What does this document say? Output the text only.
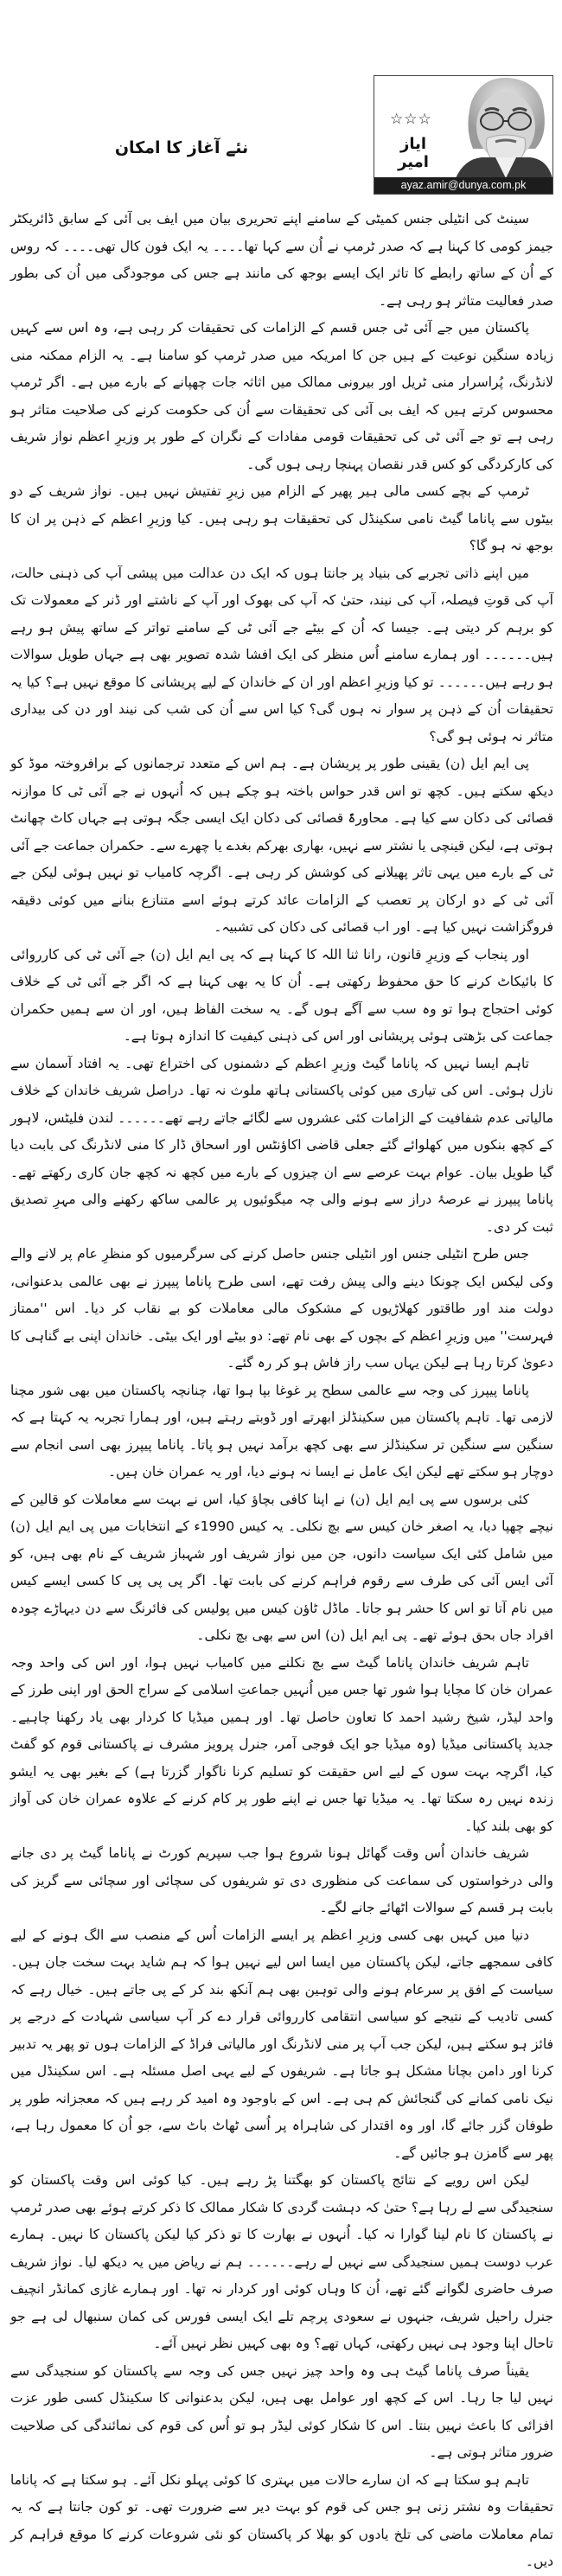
نئے آغاز کا امکان
☆☆☆
ایاز امیر
ayaz.amir@dunya.com.pk

سینٹ کی انٹیلی جنس کمیٹی کے سامنے اپنے تحریری بیان میں ایف بی آئی کے سابق ڈائریکٹر جیمز کومی کا کہنا ہے کہ صدر ٹرمپ نے اُن سے کہا تھا۔۔۔۔ یہ ایک فون کال تھی۔۔۔۔ کہ روس کے اُن کے ساتھ رابطے کا تاثر ایک ایسے بوجھ کی مانند ہے جس کی موجودگی میں اُن کی بطور صدر فعالیت متاثر ہو رہی ہے۔

پاکستان میں جے آئی ٹی جس قسم کے الزامات کی تحقیقات کر رہی ہے، وہ اس سے کہیں زیادہ سنگین نوعیت کے ہیں جن کا امریکہ میں صدر ٹرمپ کو سامنا ہے۔ یہ الزام ممکنہ منی لانڈرنگ، پُراسرار منی ٹریل اور بیرونی ممالک میں اثاثہ جات چھپانے کے بارے میں ہے۔ اگر ٹرمپ محسوس کرتے ہیں کہ ایف بی آئی کی تحقیقات سے اُن کی حکومت کرنے کی صلاحیت متاثر ہو رہی ہے تو جے آئی ٹی کی تحقیقات قومی مفادات کے نگران کے طور پر وزیرِ اعظم نواز شریف کی کارکردگی کو کس قدر نقصان پہنچا رہی ہوں گی۔

ٹرمپ کے بچے کسی مالی ہیر پھیر کے الزام میں زیرِ تفتیش نہیں ہیں۔ نواز شریف کے دو بیٹوں سے پاناما گیٹ نامی سکینڈل کی تحقیقات ہو رہی ہیں۔ کیا وزیرِ اعظم کے ذہن پر ان کا بوجھ نہ ہو گا؟

میں اپنے ذاتی تجربے کی بنیاد پر جانتا ہوں کہ ایک دن عدالت میں پیشی آپ کی ذہنی حالت، آپ کی قوتِ فیصلہ، آپ کی نیند، حتیٰ کہ آپ کی بھوک اور آپ کے ناشتے اور ڈنر کے معمولات تک کو برہم کر دیتی ہے۔ جیسا کہ اُن کے بیٹے جے آئی ٹی کے سامنے تواتر کے ساتھ پیش ہو رہے ہیں۔۔۔۔۔۔ اور ہمارے سامنے اُس منظر کی ایک افشا شدہ تصویر بھی ہے جہاں طویل سوالات ہو رہے ہیں۔۔۔۔۔۔ تو کیا وزیرِ اعظم اور ان کے خاندان کے لیے پریشانی کا موقع نہیں ہے؟ کیا یہ تحقیقات اُن کے ذہن پر سوار نہ ہوں گی؟ کیا اس سے اُن کی شب کی نیند اور دن کی بیداری متاثر نہ ہوئی ہو گی؟

پی ایم ایل (ن) یقینی طور پر پریشان ہے۔ ہم اس کے متعدد ترجمانوں کے برافروختہ موڈ کو دیکھ سکتے ہیں۔ کچھ تو اس قدر حواس باختہ ہو چکے ہیں کہ اُنہوں نے جے آئی ٹی کا موازنہ قصائی کی دکان سے کیا ہے۔ محاورۃً قصائی کی دکان ایک ایسی جگہ ہوتی ہے جہاں کاٹ چھانٹ ہوتی ہے، لیکن قینچی یا نشتر سے نہیں، بھاری بھرکم بغدے یا چھرے سے۔ حکمران جماعت جے آئی ٹی کے بارے میں یہی تاثر پھیلانے کی کوشش کر رہی ہے۔ اگرچہ کامیاب تو نہیں ہوئی لیکن جے آئی ٹی کے دو ارکان پر تعصب کے الزامات عائد کرتے ہوئے اسے متنازع بنانے میں کوئی دقیقہ فروگزاشت نہیں کیا ہے۔ اور اب قصائی کی دکان کی تشبیہ۔

اور پنجاب کے وزیرِ قانون، رانا ثنا اللہ کا کہنا ہے کہ پی ایم ایل (ن) جے آئی ٹی کی کارروائی کا بائیکاٹ کرنے کا حق محفوظ رکھتی ہے۔ اُن کا یہ بھی کہنا ہے کہ اگر جے آئی ٹی کے خلاف کوئی احتجاج ہوا تو وہ سب سے آگے ہوں گے۔ یہ سخت الفاظ ہیں، اور ان سے ہمیں حکمران جماعت کی بڑھتی ہوئی پریشانی اور اس کی ذہنی کیفیت کا اندازہ ہوتا ہے۔

تاہم ایسا نہیں کہ پاناما گیٹ وزیرِ اعظم کے دشمنوں کی اختراع تھی۔ یہ افتاد آسمان سے نازل ہوئی۔ اس کی تیاری میں کوئی پاکستانی ہاتھ ملوث نہ تھا۔ دراصل شریف خاندان کے خلاف مالیاتی عدم شفافیت کے الزامات کئی عشروں سے لگائے جاتے رہے تھے۔۔۔۔۔۔ لندن فلیٹس، لاہور کے کچھ بنکوں میں کھلوائے گئے جعلی قاضی اکاؤنٹس اور اسحاق ڈار کا منی لانڈرنگ کی بابت دیا گیا طویل بیان۔ عوام بہت عرصے سے ان چیزوں کے بارے میں کچھ نہ کچھ جان کاری رکھتے تھے۔ پاناما پیپرز نے عرصۂ دراز سے ہونے والی چہ میگوئیوں پر عالمی ساکھ رکھنے والی مہرِ تصدیق ثبت کر دی۔

جس طرح انٹیلی جنس اور انٹیلی جنس حاصل کرنے کی سرگرمیوں کو منظرِ عام پر لانے والے وکی لیکس ایک چونکا دینے والی پیش رفت تھے، اسی طرح پاناما پیپرز نے بھی عالمی بدعنوانی، دولت مند اور طاقتور کھلاڑیوں کے مشکوک مالی معاملات کو بے نقاب کر دیا۔ اس ''ممتاز فہرست'' میں وزیرِ اعظم کے بچوں کے بھی نام تھے: دو بیٹے اور ایک بیٹی۔ خاندان اپنی بے گناہی کا دعویٰ کرتا رہا ہے لیکن یہاں سب راز فاش ہو کر رہ گئے۔

پاناما پیپرز کی وجہ سے عالمی سطح پر غوغا بپا ہوا تھا، چنانچہ پاکستان میں بھی شور مچنا لازمی تھا۔ تاہم پاکستان میں سکینڈلز ابھرتے اور ڈوبتے رہتے ہیں، اور ہمارا تجربہ یہ کہتا ہے کہ سنگین سے سنگین تر سکینڈلز سے بھی کچھ برآمد نہیں ہو پاتا۔ پاناما پیپرز بھی اسی انجام سے دوچار ہو سکتے تھے لیکن ایک عامل نے ایسا نہ ہونے دیا، اور یہ عمران خان ہیں۔

کئی برسوں سے پی ایم ایل (ن) نے اپنا کافی بچاؤ کیا، اس نے بہت سے معاملات کو قالین کے نیچے چھپا دیا، یہ اصغر خان کیس سے بچ نکلی۔ یہ کیس 1990ء کے انتخابات میں پی ایم ایل (ن) میں شامل کئی ایک سیاست دانوں، جن میں نواز شریف اور شہباز شریف کے نام بھی ہیں، کو آئی ایس آئی کی طرف سے رقوم فراہم کرنے کی بابت تھا۔ اگر پی پی پی کا کسی ایسے کیس میں نام آتا تو اس کا حشر ہو جاتا۔ ماڈل ٹاؤن کیس میں پولیس کی فائرنگ سے دن دیہاڑے چودہ افراد جاں بحق ہوئے تھے۔ پی ایم ایل (ن) اس سے بھی بچ نکلی۔

تاہم شریف خاندان پاناما گیٹ سے بچ نکلنے میں کامیاب نہیں ہوا، اور اس کی واحد وجہ عمران خان کا مچایا ہوا شور تھا جس میں اُنہیں جماعتِ اسلامی کے سراج الحق اور اپنی طرز کے واحد لیڈر، شیخ رشید احمد کا تعاون حاصل تھا۔ اور ہمیں میڈیا کا کردار بھی یاد رکھنا چاہیے۔ جدید پاکستانی میڈیا (وہ میڈیا جو ایک فوجی آمر، جنرل پرویز مشرف نے پاکستانی قوم کو گفٹ کیا، اگرچہ بہت سوں کے لیے اس حقیقت کو تسلیم کرنا ناگوار گزرتا ہے) کے بغیر بھی یہ ایشو زندہ نہیں رہ سکتا تھا۔ یہ میڈیا تھا جس نے اپنے طور پر کام کرنے کے علاوہ عمران خان کی آواز کو بھی بلند کیا۔

شریف خاندان اُس وقت گھائل ہونا شروع ہوا جب سپریم کورٹ نے پاناما گیٹ پر دی جانے والی درخواستوں کی سماعت کی منظوری دی تو شریفوں کی سچائی اور سچائی سے گریز کی بابت ہر قسم کے سوالات اٹھائے جانے لگے۔

دنیا میں کہیں بھی کسی وزیرِ اعظم پر ایسے الزامات اُس کے منصب سے الگ ہونے کے لیے کافی سمجھے جاتے، لیکن پاکستان میں ایسا اس لیے نہیں ہوا کہ ہم شاید بہت سخت جان ہیں۔ سیاست کے افق پر سرعام ہونے والی توہین بھی ہم آنکھ بند کر کے پی جاتے ہیں۔ خیال رہے کہ کسی تادیب کے نتیجے کو سیاسی انتقامی کارروائی قرار دے کر آپ سیاسی شہادت کے درجے پر فائز ہو سکتے ہیں، لیکن جب آپ پر منی لانڈرنگ اور مالیاتی فراڈ کے الزامات ہوں تو پھر یہ تدبیر کرنا اور دامن بچانا مشکل ہو جاتا ہے۔ شریفوں کے لیے یہی اصل مسئلہ ہے۔ اس سکینڈل میں نیک نامی کمانے کی گنجائش کم ہی ہے۔ اس کے باوجود وہ امید کر رہے ہیں کہ معجزانہ طور پر طوفان گزر جائے گا، اور وہ اقتدار کی شاہراہ پر اُسی ٹھاٹ باٹ سے، جو اُن کا معمول رہا ہے، پھر سے گامزن ہو جائیں گے۔

لیکن اس رویے کے نتائج پاکستان کو بھگتنا پڑ رہے ہیں۔ کیا کوئی اس وقت پاکستان کو سنجیدگی سے لے رہا ہے؟ حتیٰ کہ دہشت گردی کا شکار ممالک کا ذکر کرتے ہوئے بھی صدر ٹرمپ نے پاکستان کا نام لینا گوارا نہ کیا۔ اُنہوں نے بھارت کا تو ذکر کیا لیکن پاکستان کا نہیں۔ ہمارے عرب دوست ہمیں سنجیدگی سے نہیں لے رہے۔۔۔۔۔۔ ہم نے ریاض میں یہ دیکھ لیا۔ نواز شریف صرف حاضری لگوانے گئے تھے، اُن کا وہاں کوئی اور کردار نہ تھا۔ اور ہمارے غازی کمانڈر انچیف جنرل راحیل شریف، جنہوں نے سعودی پرچم تلے ایک ایسی فورس کی کمان سنبھال لی ہے جو تاحال اپنا وجود ہی نہیں رکھتی، کہاں تھے؟ وہ بھی کہیں نظر نہیں آئے۔

یقیناً صرف پاناما گیٹ ہی وہ واحد چیز نہیں جس کی وجہ سے پاکستان کو سنجیدگی سے نہیں لیا جا رہا۔ اس کے کچھ اور عوامل بھی ہیں، لیکن بدعنوانی کا سکینڈل کسی طور عزت افزائی کا باعث نہیں بنتا۔ اس کا شکار کوئی لیڈر ہو تو اُس کی قوم کی نمائندگی کی صلاحیت ضرور متاثر ہوتی ہے۔

تاہم ہو سکتا ہے کہ ان سارے حالات میں بہتری کا کوئی پہلو نکل آئے۔ ہو سکتا ہے کہ پاناما تحقیقات وہ نشتر زنی ہو جس کی قوم کو بہت دیر سے ضرورت تھی۔ تو کون جانتا ہے کہ یہ تمام معاملات ماضی کی تلخ یادوں کو بھلا کر پاکستان کو نئی شروعات کرنے کا موقع فراہم کر دیں۔
